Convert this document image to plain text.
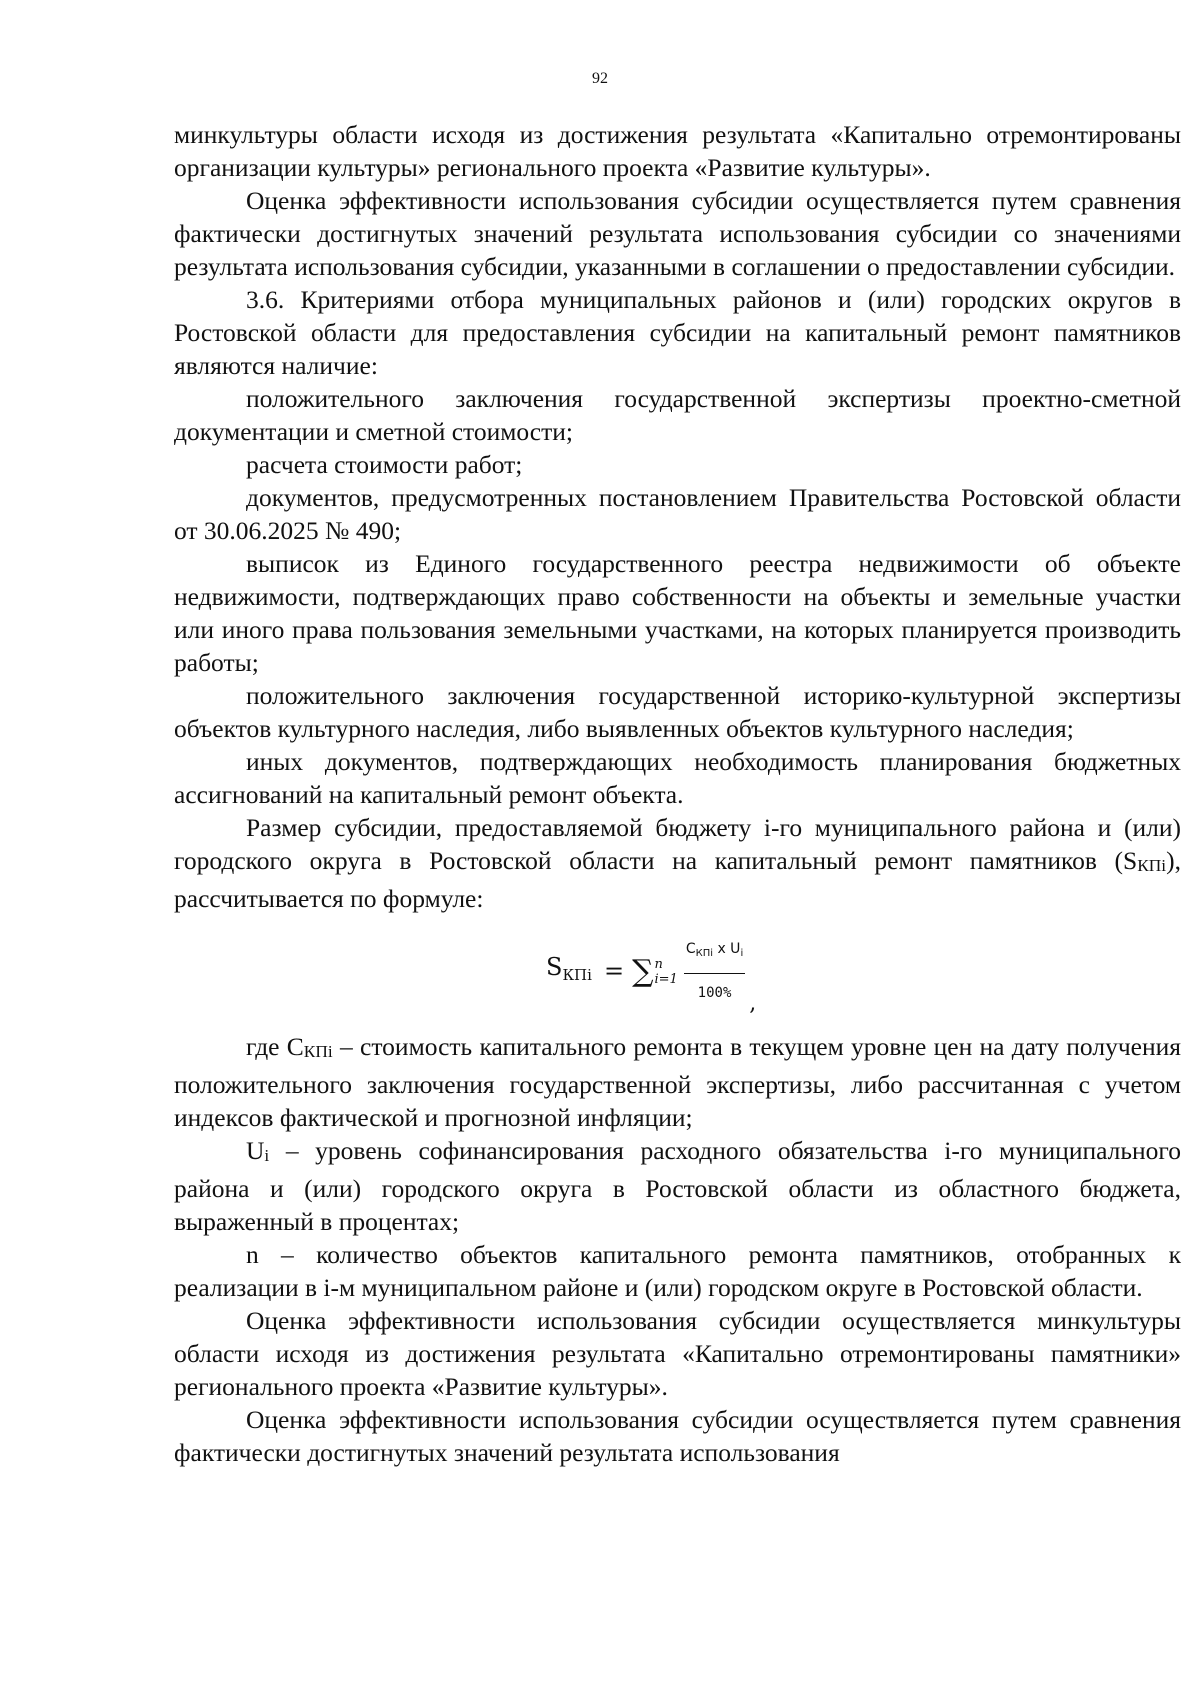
92

минкультуры области исходя из достижения результата «Капитально отремонтированы организации культуры» регионального проекта «Развитие культуры».

Оценка эффективности использования субсидии осуществляется путем сравнения фактически достигнутых значений результата использования субсидии со значениями результата использования субсидии, указанными в соглашении о предоставлении субсидии.

3.6. Критериями отбора муниципальных районов и (или) городских округов в Ростовской области для предоставления субсидии на капитальный ремонт памятников являются наличие:

положительного заключения государственной экспертизы проектно-сметной документации и сметной стоимости;

расчета стоимости работ;

документов, предусмотренных постановлением Правительства Ростовской области от 30.06.2025 № 490;

выписок из Единого государственного реестра недвижимости об объекте недвижимости, подтверждающих право собственности на объекты и земельные участки или иного права пользования земельными участками, на которых планируется производить работы;

положительного заключения государственной историко-культурной экспертизы объектов культурного наследия, либо выявленных объектов культурного наследия;

иных документов, подтверждающих необходимость планирования бюджетных ассигнований на капитальный ремонт объекта.

Размер субсидии, предоставляемой бюджету i-го муниципального района и (или) городского округа в Ростовской области на капитальный ремонт памятников (SКПi), рассчитывается по формуле:

$S_{КПi}$ = ∑ n
$i=1 \frac{C_{КПi} x U_i}{100\%}$ ,

где CКПi – стоимость капитального ремонта в текущем уровне цен на дату получения положительного заключения государственной экспертизы, либо рассчитанная с учетом индексов фактической и прогнозной инфляции;

Ui – уровень софинансирования расходного обязательства i-го муниципального района и (или) городского округа в Ростовской области из областного бюджета, выраженный в процентах;

n – количество объектов капитального ремонта памятников, отобранных к реализации в i-м муниципальном районе и (или) городском округе в Ростовской области.

Оценка эффективности использования субсидии осуществляется минкультуры области исходя из достижения результата «Капитально отремонтированы памятники» регионального проекта «Развитие культуры».

Оценка эффективности использования субсидии осуществляется путем сравнения фактически достигнутых значений результата использования
